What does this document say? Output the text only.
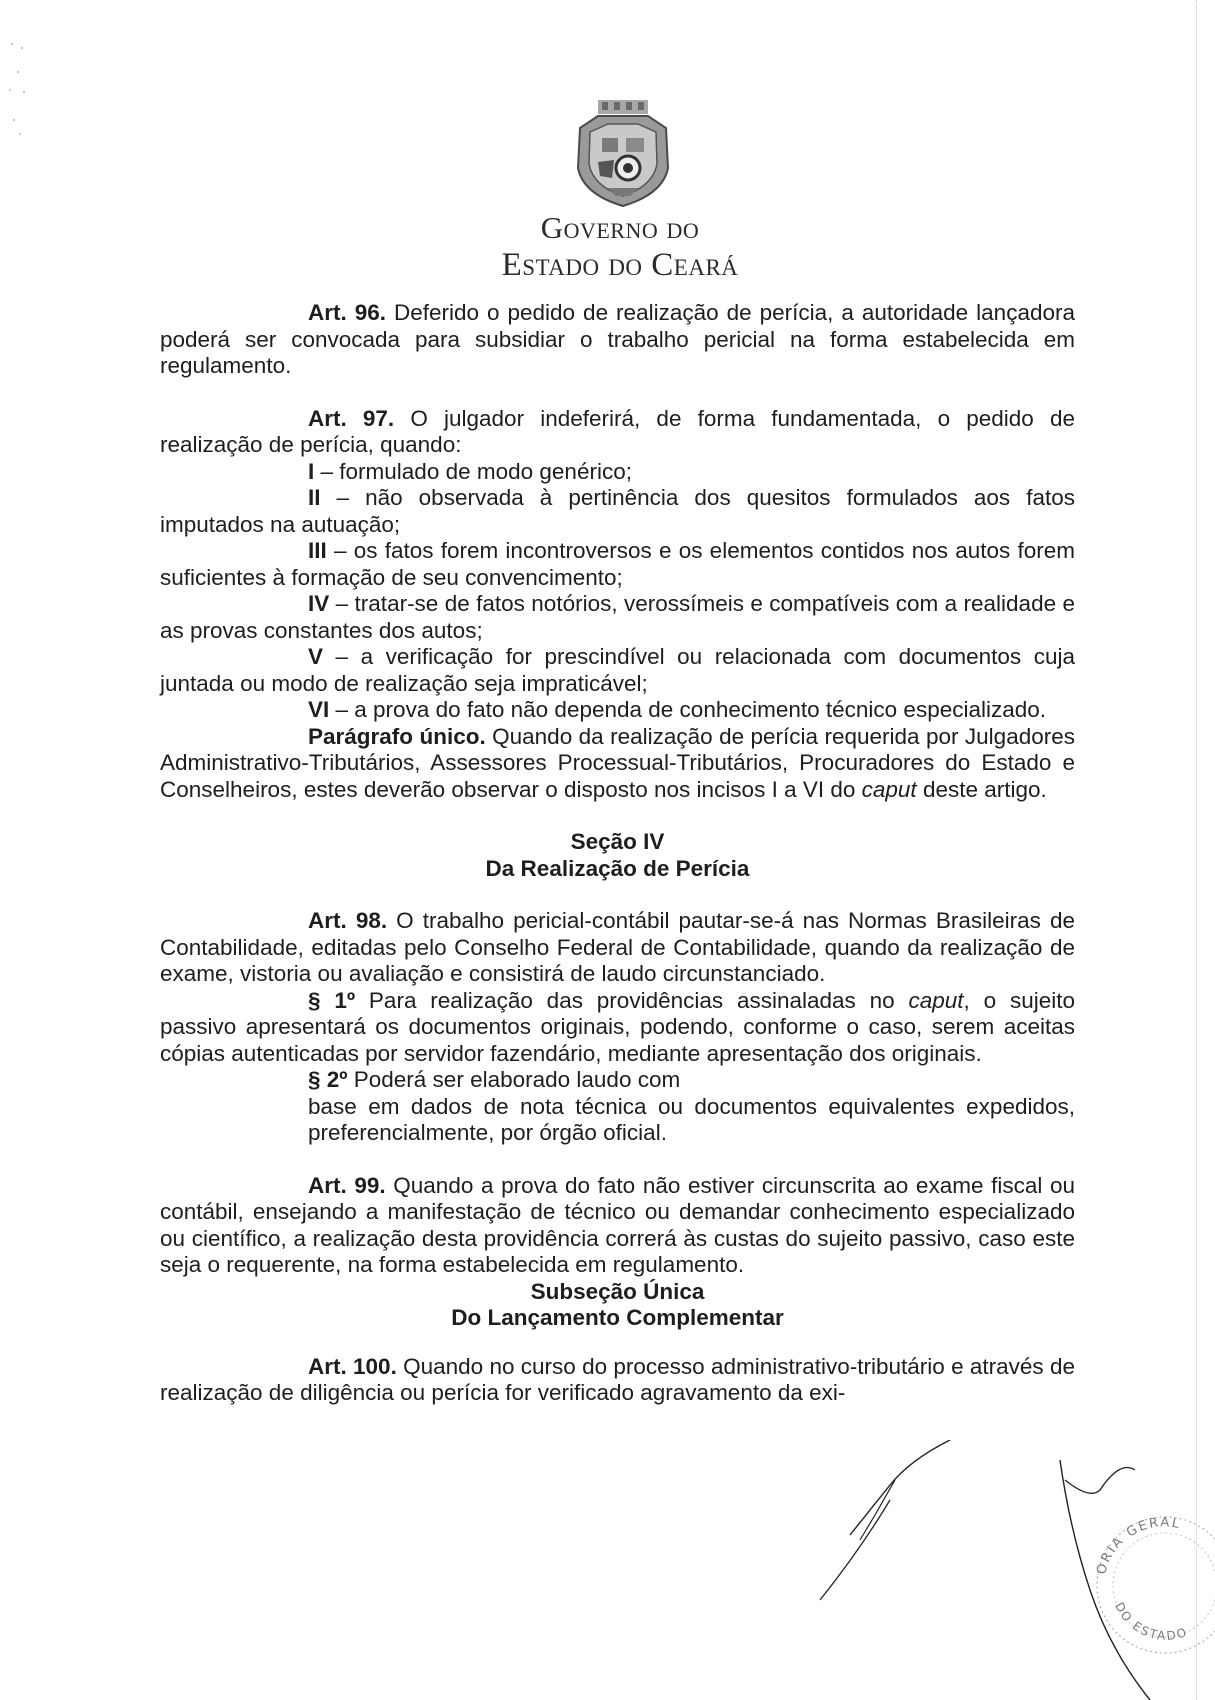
Governo do
Estado do Ceará

Art. 96. Deferido o pedido de realização de perícia, a autoridade lançadora poderá ser convocada para subsidiar o trabalho pericial na forma estabelecida em regulamento.

Art. 97. O julgador indeferirá, de forma fundamentada, o pedido de realização de perícia, quando:

I – formulado de modo genérico;

II – não observada à pertinência dos quesitos formulados aos fatos imputados na autuação;

III – os fatos forem incontroversos e os elementos contidos nos autos forem suficientes à formação de seu convencimento;

IV – tratar-se de fatos notórios, verossímeis e compatíveis com a realidade e as provas constantes dos autos;

V – a verificação for prescindível ou relacionada com documentos cuja juntada ou modo de realização seja impraticável;

VI – a prova do fato não dependa de conhecimento técnico especializado.

Parágrafo único. Quando da realização de perícia requerida por Julgadores Administrativo-Tributários, Assessores Processual-Tributários, Procuradores do Estado e Conselheiros, estes deverão observar o disposto nos incisos I a VI do caput deste artigo.

Seção IV

Da Realização de Perícia

Art. 98. O trabalho pericial-contábil pautar-se-á nas Normas Brasileiras de Contabilidade, editadas pelo Conselho Federal de Contabilidade, quando da realização de exame, vistoria ou avaliação e consistirá de laudo circunstanciado.

§ 1º Para realização das providências assinaladas no caput, o sujeito passivo apresentará os documentos originais, podendo, conforme o caso, serem aceitas cópias autenticadas por servidor fazendário, mediante apresentação dos originais.

§ 2º Poderá ser elaborado laudo com

base em dados de nota técnica ou documentos equivalentes expedidos, preferencialmente, por órgão oficial.

Art. 99. Quando a prova do fato não estiver circunscrita ao exame fiscal ou contábil, ensejando a manifestação de técnico ou demandar conhecimento especializado ou científico, a realização desta providência correrá às custas do sujeito passivo, caso este seja o requerente, na forma estabelecida em regulamento.

Subseção Única

Do Lançamento Complementar

Art. 100. Quando no curso do processo administrativo-tributário e através de realização de diligência ou perícia for verificado agravamento da exi-

ORIA GERAL
DO ESTADO
